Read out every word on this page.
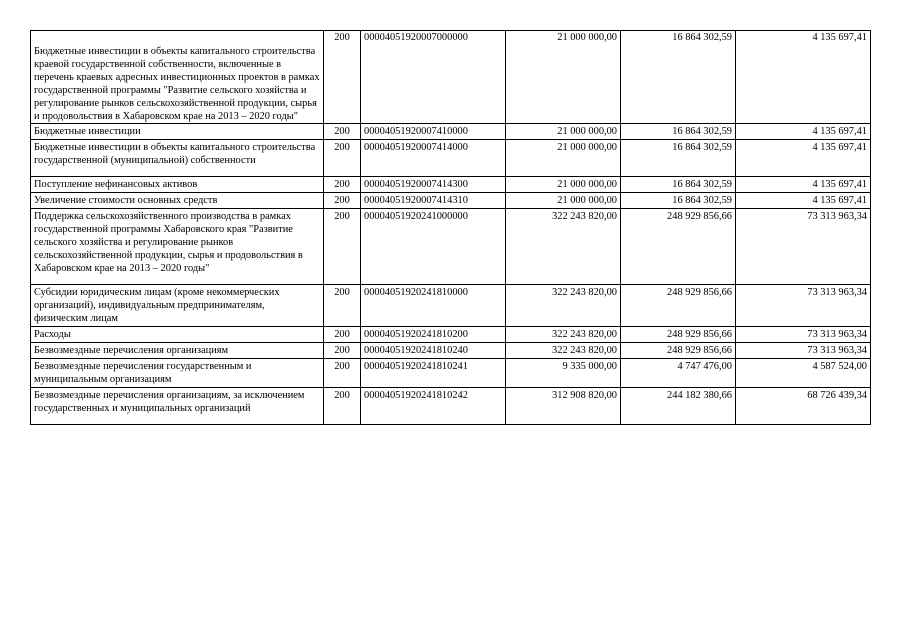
Бюджетные инвестиции в объекты капитального строительства краевой государственной собственности, включенные в перечень краевых адресных инвестиционных проектов в рамках государственной программы "Развитие сельского хозяйства и регулирование рынков сельскохозяйственной продукции, сырья и продовольствия в Хабаровском крае на 2013 – 2020 годы"	200	00004051920007000000	21 000 000,00	16 864 302,59	4 135 697,41
Бюджетные инвестиции	200	00004051920007410000	21 000 000,00	16 864 302,59	4 135 697,41
Бюджетные инвестиции в объекты капитального строительства государственной (муниципальной) собственности	200	00004051920007414000	21 000 000,00	16 864 302,59	4 135 697,41
Поступление нефинансовых активов	200	00004051920007414300	21 000 000,00	16 864 302,59	4 135 697,41
Увеличение стоимости основных средств	200	00004051920007414310	21 000 000,00	16 864 302,59	4 135 697,41
Поддержка сельскохозяйственного производства в рамках государственной программы Хабаровского края "Развитие сельского хозяйства и регулирование рынков сельскохозяйственной продукции, сырья и продовольствия в Хабаровском крае на 2013 – 2020 годы"	200	00004051920241000000	322 243 820,00	248 929 856,66	73 313 963,34
Субсидии юридическим лицам (кроме некоммерческих организаций), индивидуальным предпринимателям, физическим лицам	200	00004051920241810000	322 243 820,00	248 929 856,66	73 313 963,34
Расходы	200	00004051920241810200	322 243 820,00	248 929 856,66	73 313 963,34
Безвозмездные перечисления организациям	200	00004051920241810240	322 243 820,00	248 929 856,66	73 313 963,34
Безвозмездные перечисления государственным и муниципальным организациям	200	00004051920241810241	9 335 000,00	4 747 476,00	4 587 524,00
Безвозмездные перечисления организациям, за исключением государственных и муниципальных организаций	200	00004051920241810242	312 908 820,00	244 182 380,66	68 726 439,34
